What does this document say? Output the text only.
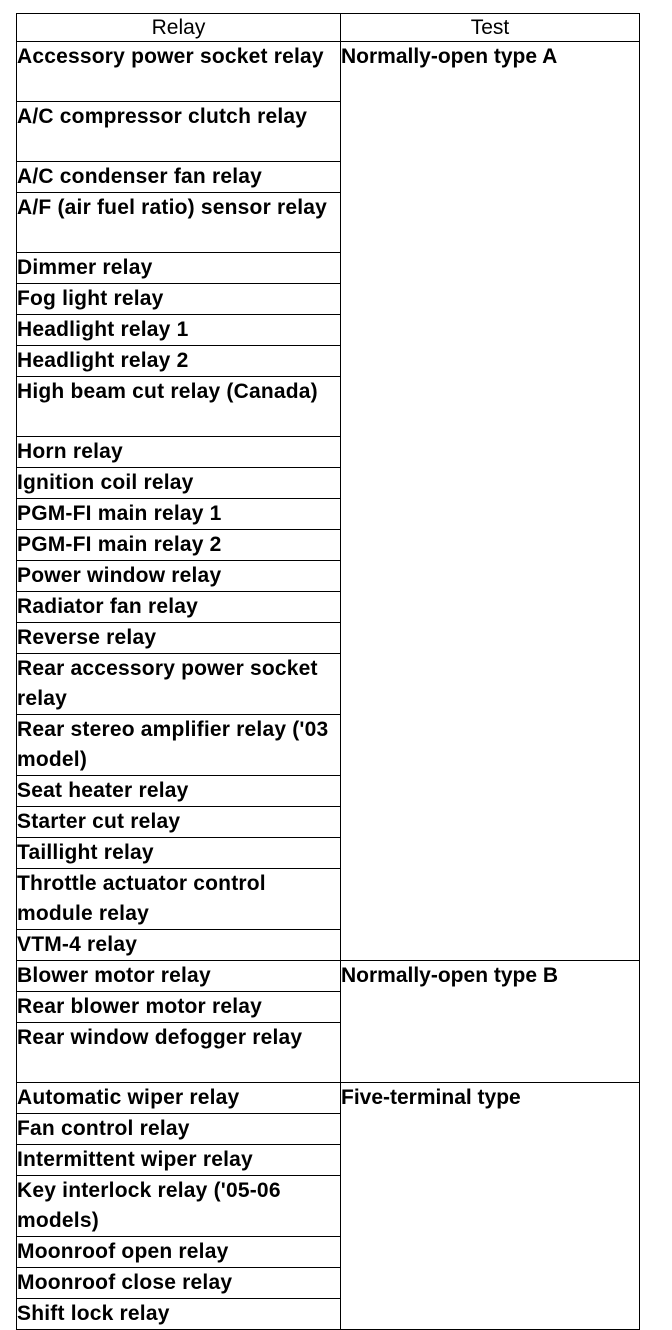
Relay	Test
Accessory power socket relay	Normally-open type A
A/C compressor clutch relay	
A/C condenser fan relay	
A/F (air fuel ratio) sensor relay	
Dimmer relay	
Fog light relay	
Headlight relay 1	
Headlight relay 2	
High beam cut relay (Canada)	
Horn relay	
Ignition coil relay	
PGM-FI main relay 1	
PGM-FI main relay 2	
Power window relay	
Radiator fan relay	
Reverse relay	
Rear accessory power socket relay	
Rear stereo amplifier relay ('03 model)	
Seat heater relay	
Starter cut relay	
Taillight relay	
Throttle actuator control module relay	
VTM-4 relay	
Blower motor relay	Normally-open type B
Rear blower motor relay	
Rear window defogger relay	
Automatic wiper relay	Five-terminal type
Fan control relay	
Intermittent wiper relay	
Key interlock relay ('05-06 models)	
Moonroof open relay	
Moonroof close relay	
Shift lock relay	
